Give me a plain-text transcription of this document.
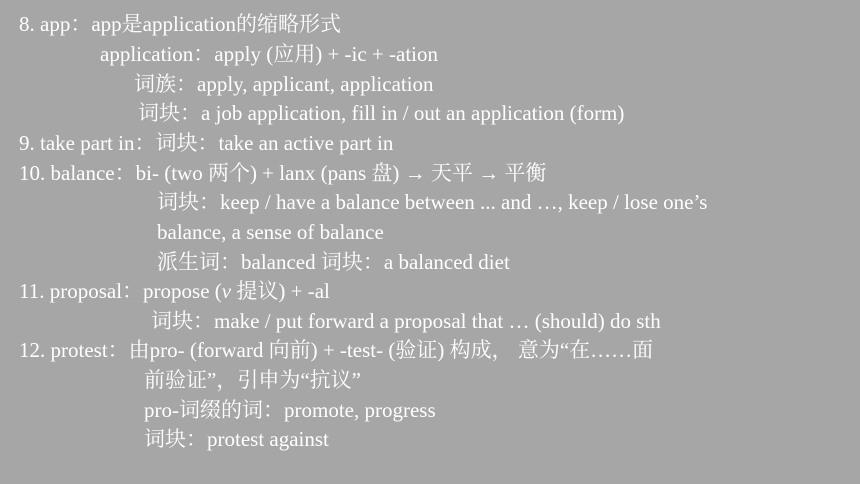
8. app：app是application的缩略形式
application：apply (应用) + -ic + -ation
词族：apply, applicant, application
词块：a job application, fill in / out an application (form)
9. take part in：词块：take an active part in
10. balance：bi- (two 两个) + lanx (pans 盘) → 天平 → 平衡
词块：keep / have a balance between ... and …, keep / lose one’s
balance, a sense of balance
派生词：balanced 词块：a balanced diet
11. proposal：propose (v 提议) + -al
词块：make / put forward a proposal that … (should) do sth
12. protest：由pro- (forward 向前) + -test- (验证) 构成， 意为“在……面
前验证”，引申为“抗议”
pro-词缀的词：promote, progress
词块：protest against
